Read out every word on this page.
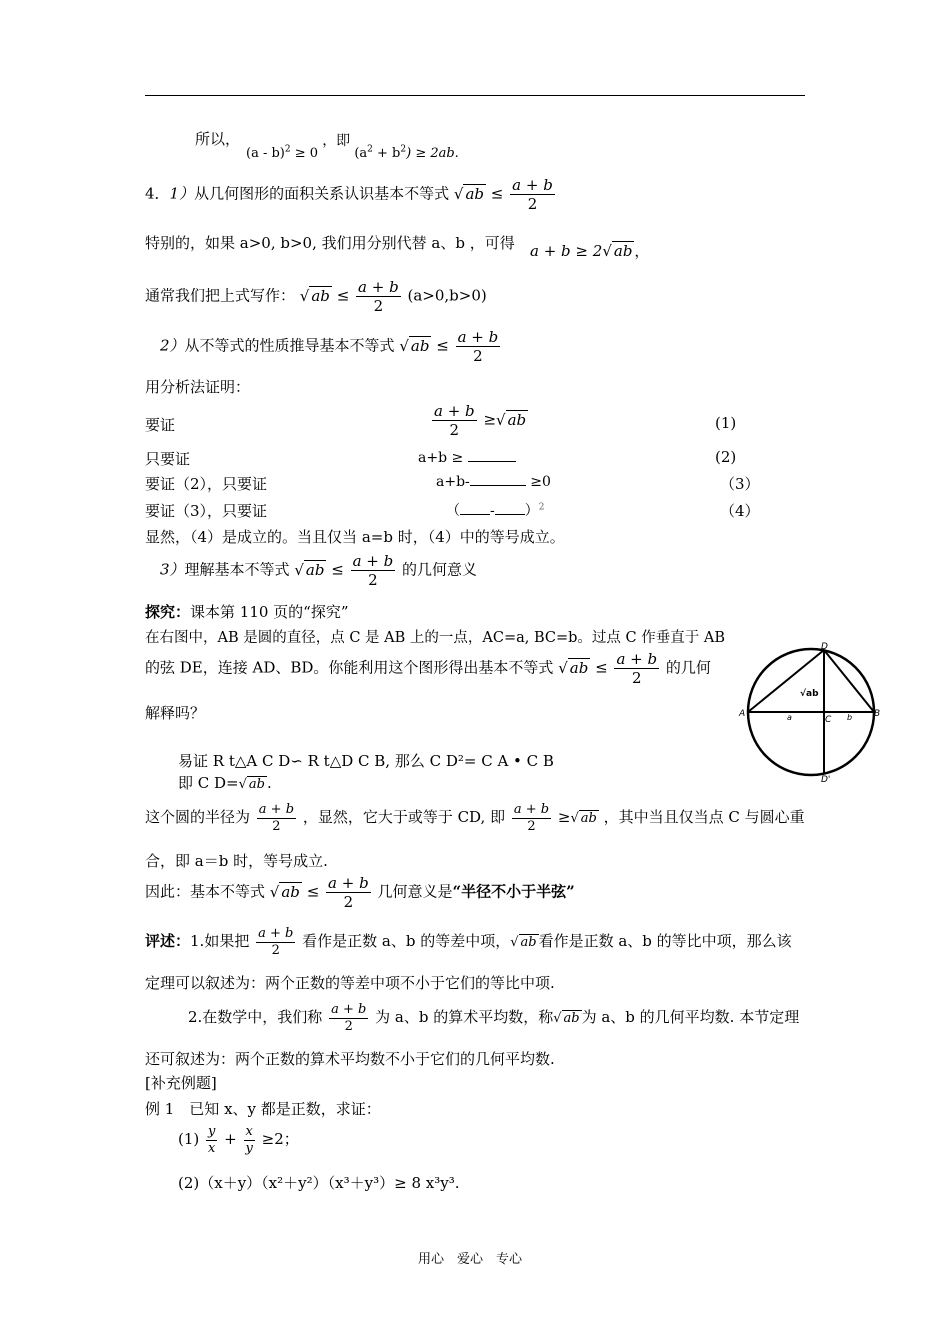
所以，
(a - b)$^2$ ≥ 0 ，即 $(a^2 + b^2) \ge 2ab$.
4．1）从几何图形的面积关系认识基本不等式 √ ab ≤ $\frac{a + b}{2}$
特别的，如果 a>0, b>0, 我们用分别代替 a、b ，可得 a + b ≥ 2√ ab ，
通常我们把上式写作： √ ab ≤ $\frac{a + b}{2} (a>0,b>0)$
2）从不等式的性质推导基本不等式 √ ab ≤ $\frac{a + b}{2}$
用分析法证明：
要证	$\frac{a + b}{2}$ ≥√ ab	(1)
只要证	a+b ≥	(2)
要证（2），只要证	a+b-	≥0	（3）
要证（3），只要证	（ - ）$^2$	（4）
显然，（4）是成立的。当且仅当 a=b 时，（4）中的等号成立。
3）理解基本不等式 √ ab ≤ $\frac{a + b}{2}$ 的几何意义
探究：课本第 110 页的“探究”
在右图中，AB 是圆的直径，点 C 是 AB 上的一点，AC=a, BC=b。过点 C 作垂直于 AB
的弦 DE，连接 AD、BD。你能利用这个图形得出基本不等式 √ ab ≤ $\frac{a + b}{2}$ 的几何
解释吗？	A	B
C
D
D'
a	b
√ab
易证 R t△A C D∽ R t△D C B, 那么 C D²= C A • C B
即 C D=√ ab .
这个圆的半径为 $\frac{a + b}{2}$ ，显然，它大于或等于 CD, 即 $\frac{a + b}{2}$ ≥√ ab ，其中当且仅当点 C 与圆心重
合，即 a＝b 时，等号成立.
因此：基本不等式 √ ab ≤ $\frac{a + b}{2}$ 几何意义是“半径不小于半弦”
评述：1.如果把 $\frac{a + b}{2}$ 看作是正数 a、b 的等差中项，√ ab 看作是正数 a、b 的等比中项，那么该
定理可以叙述为：两个正数的等差中项不小于它们的等比中项.
2.在数学中，我们称 $\frac{a + b}{2}$ 为 a、b 的算术平均数，称√ ab 为 a、b 的几何平均数. 本节定理
还可叙述为：两个正数的算术平均数不小于它们的几何平均数.
[补充例题]
例 1　已知 x、y 都是正数，求证：
$(1) \frac{y}{x} + \frac{x}{y} \ge 2$；
(2)（x＋y）（x²＋y²）（x³＋y³）≥ 8 x³y³.
用心　爱心　专心
